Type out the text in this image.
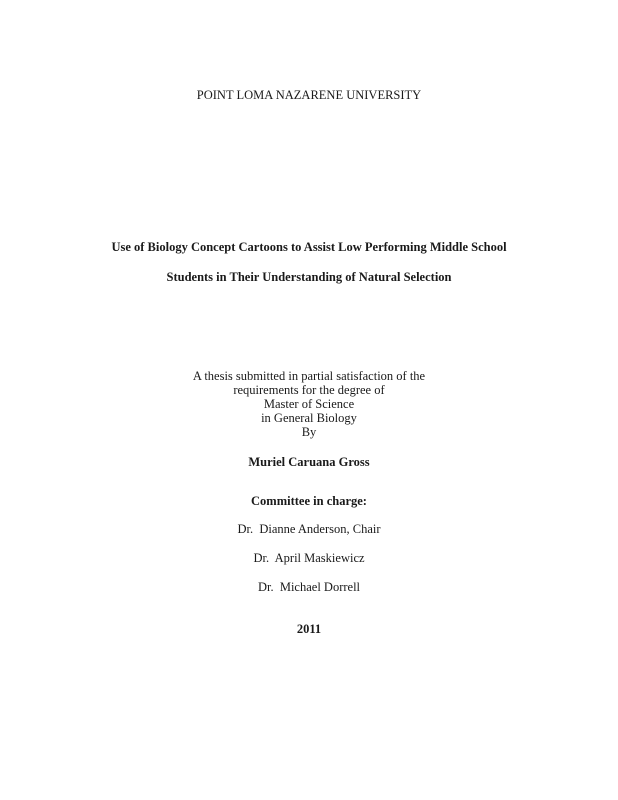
POINT LOMA NAZARENE UNIVERSITY
Use of Biology Concept Cartoons to Assist Low Performing Middle School
Students in Their Understanding of Natural Selection
A thesis submitted in partial satisfaction of the
requirements for the degree of
Master of Science
in General Biology
By
Muriel Caruana Gross
Committee in charge:
Dr.  Dianne Anderson, Chair
Dr.  April Maskiewicz
Dr.  Michael Dorrell
2011
